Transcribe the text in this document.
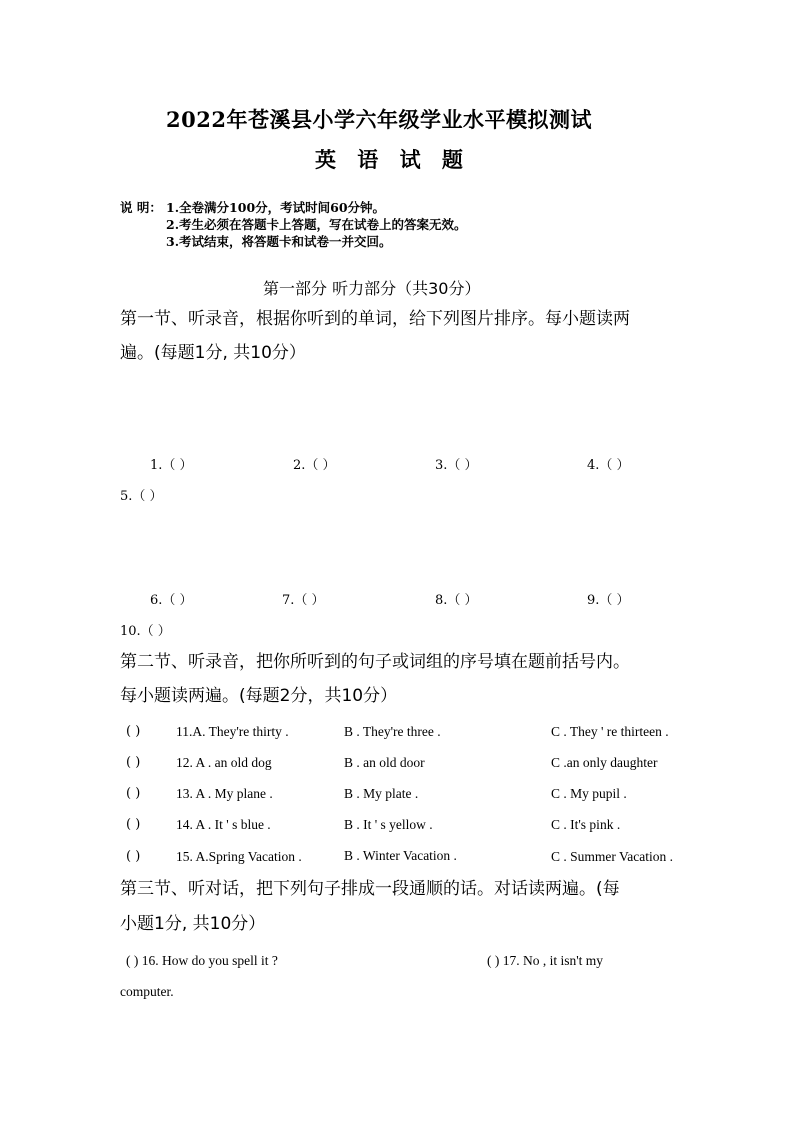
2022年苍溪县小学六年级学业水平模拟测试
英 语 试 题
说 明： 1.全卷满分100分，考试时间60分钟。
2.考生必须在答题卡上答题，写在试卷上的答案无效。
3.考试结束，将答题卡和试卷一并交回。
第一部分 听力部分（共30分）
第一节、听录音，根据你听到的单词，给下列图片排序。每小题读两
遍。(每题1分, 共10分）
1.（ ）	2.（ ）	3.（ ）	4.（ ）
5.（ ）
6.（ ）	7.（ ）	8.（ ）	9.（ ）
10.（ ）
第二节、听录音，把你所听到的句子或词组的序号填在题前括号内。
每小题读两遍。(每题2分，共10分）
( )	11.A. They're thirty .	B . They're three .	C . They ' re thirteen .
( )	12. A . an old dog	B . an old door	C .an only daughter
( )	13. A . My plane .	B . My plate .	C . My pupil .
( )	14. A . It ' s blue .	B . It ' s yellow .	C . It's pink .
( )	15. A.Spring Vacation .	B . Winter Vacation .	C . Summer Vacation .
第三节、听对话，把下列句子排成一段通顺的话。对话读两遍。(每
小题1分, 共10分）
( ) 16. How do you spell it ?	( ) 17. No , it isn't my
computer.
